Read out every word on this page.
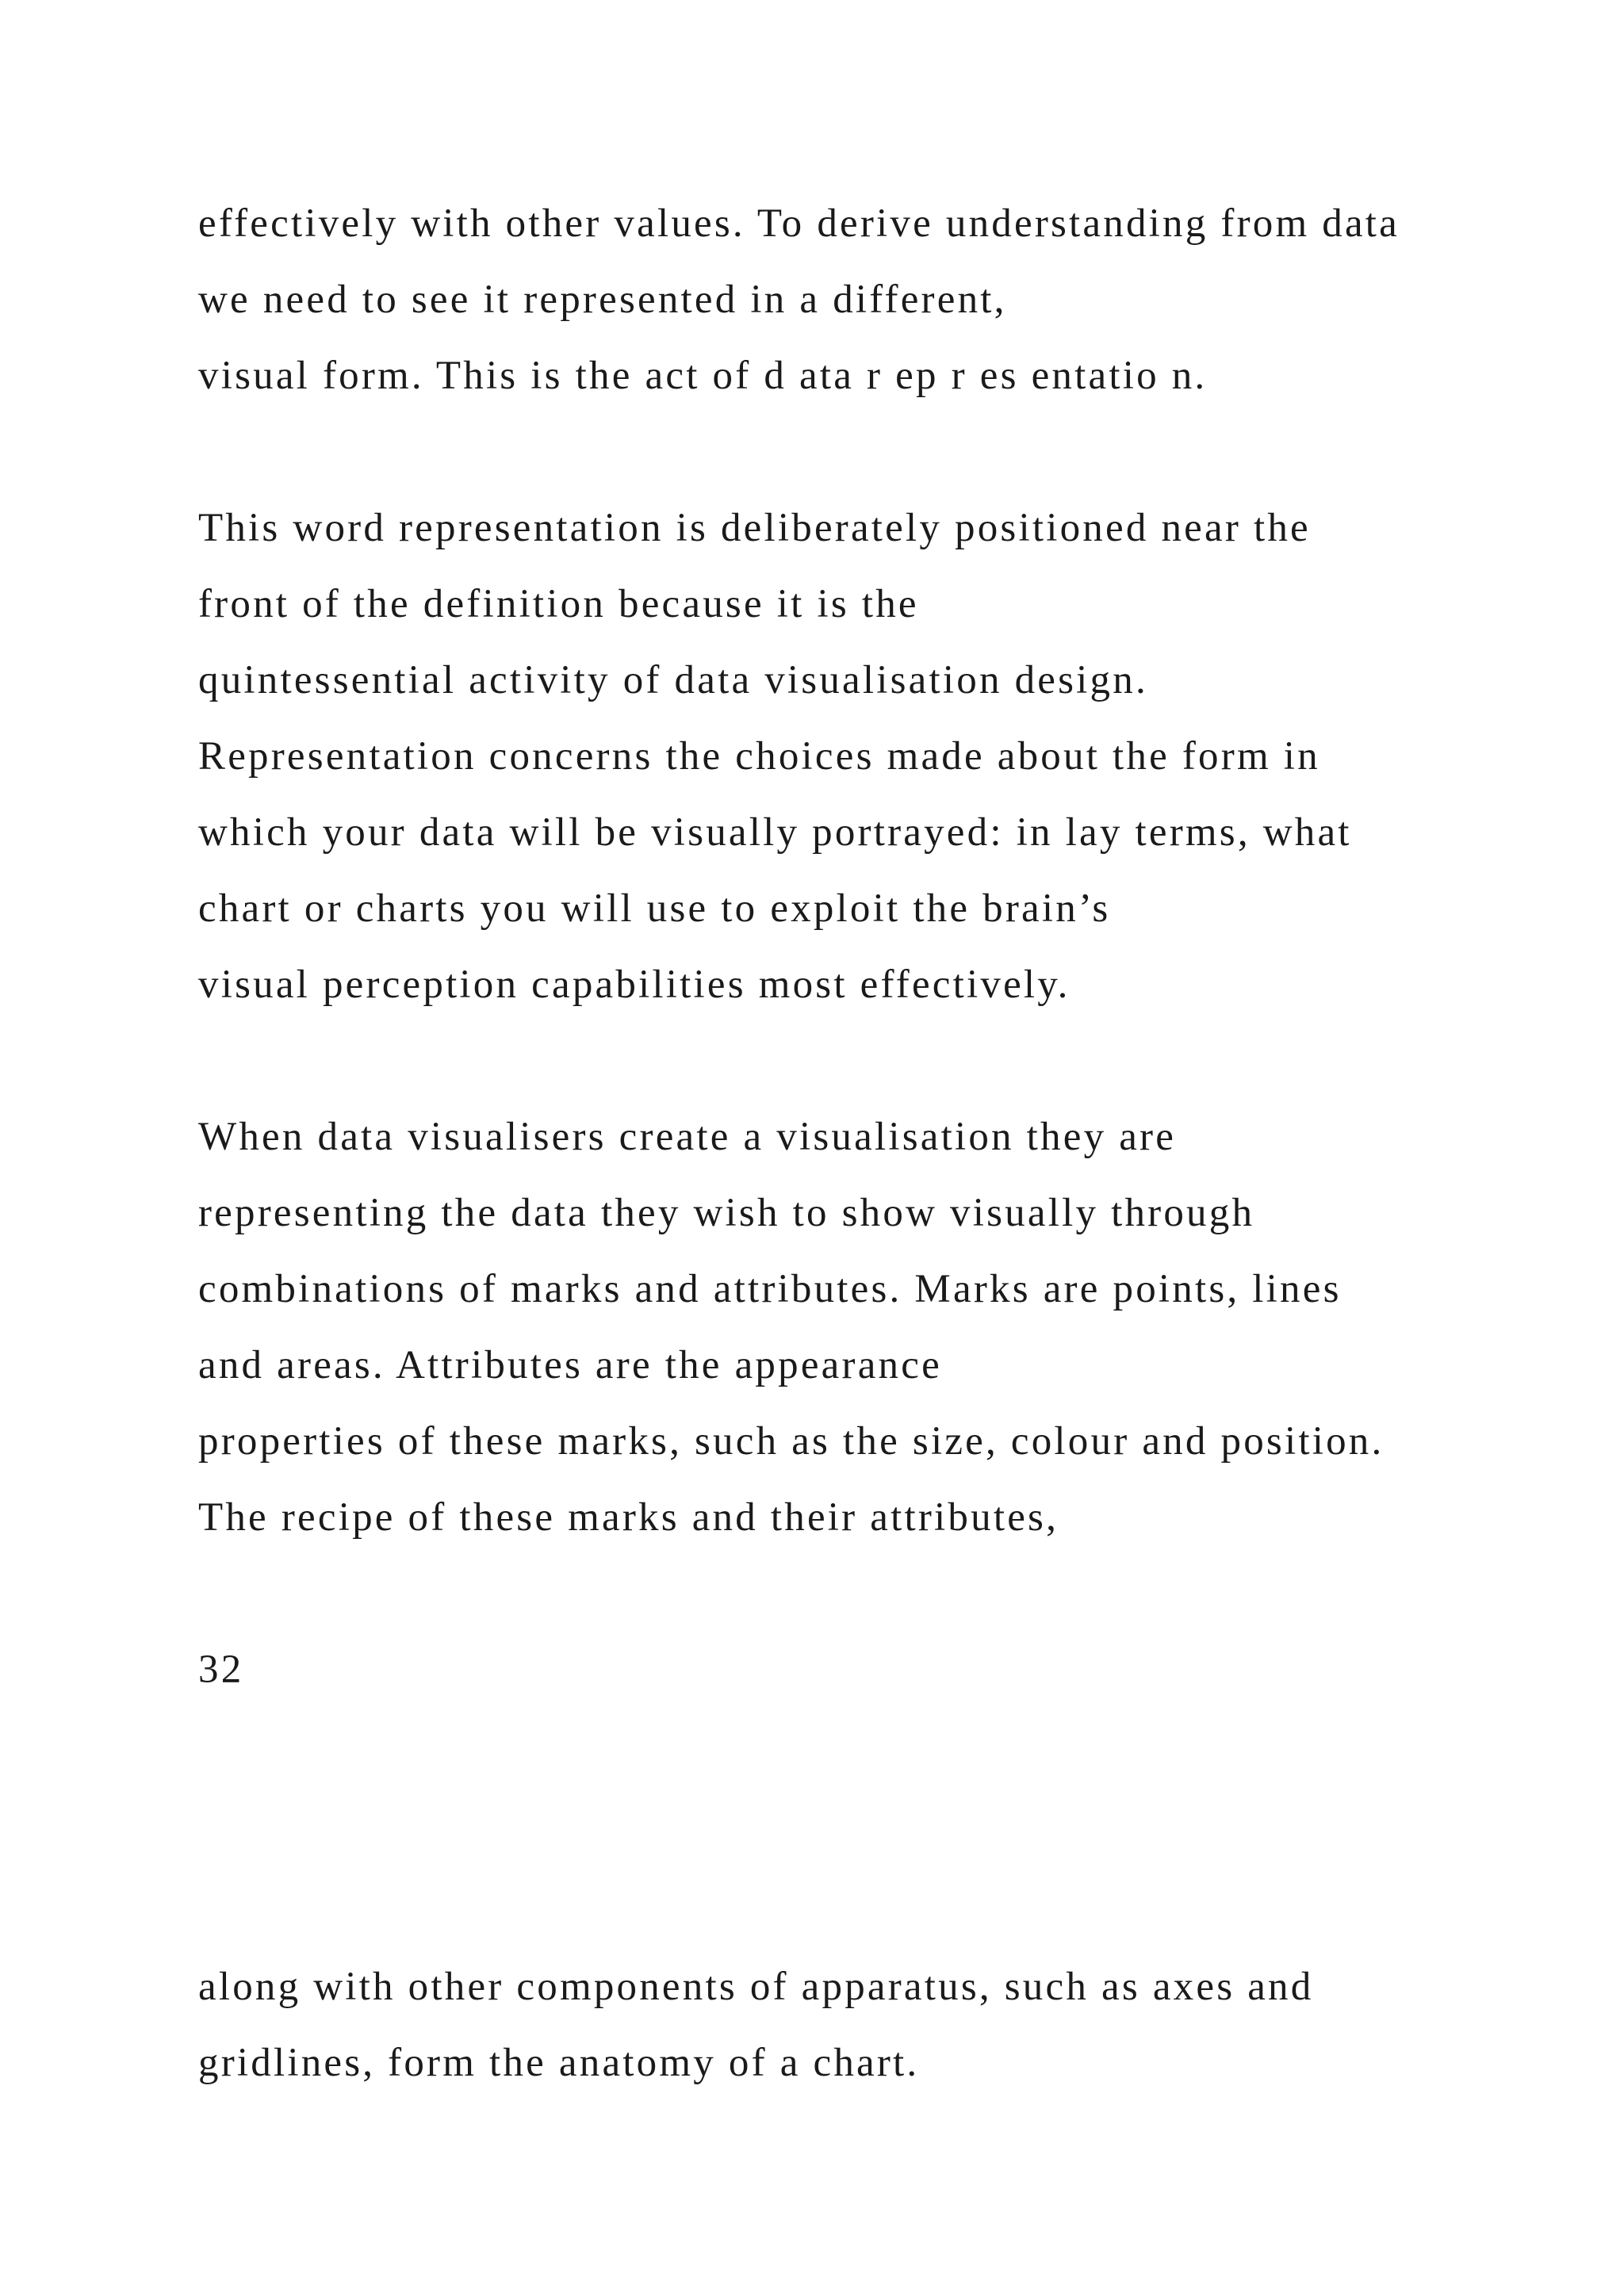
effectively with other values. To derive understanding from data

we need to see it represented in a different,

visual form. This is the act of d ata r ep r es entatio n.

This word representation is deliberately positioned near the

front of the definition because it is the

quintessential activity of data visualisation design.

Representation concerns the choices made about the form in

which your data will be visually portrayed: in lay terms, what

chart or charts you will use to exploit the brain’s

visual perception capabilities most effectively.

When data visualisers create a visualisation they are

representing the data they wish to show visually through

combinations of marks and attributes. Marks are points, lines

and areas. Attributes are the appearance

properties of these marks, such as the size, colour and position.

The recipe of these marks and their attributes,

32

along with other components of apparatus, such as axes and

gridlines, form the anatomy of a chart.
